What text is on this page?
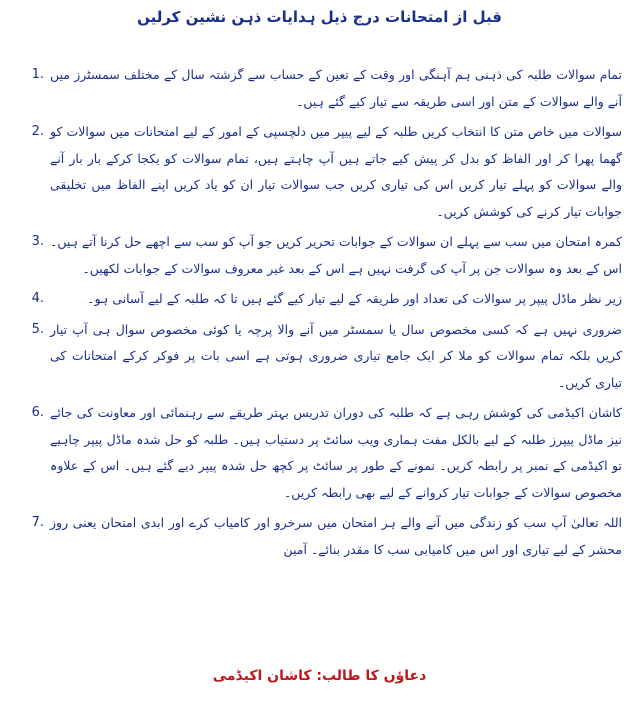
قبل از امتحانات درج ذیل ہدایات ذہن نشین کرلیں
1. تمام سوالات طلبہ کی ذہنی ہم آہنگی اور وقت کے تعین کے حساب سے گزشتہ سال کے مختلف سمسٹرز میں آنے والے سوالات کے متن اور اسی طریقہ سے تیار کیے گئے ہیں۔
2. سوالات میں خاص متن کا انتخاب کریں طلبہ کے لیے پیپر میں دلچسپی کے امور کے لیے امتحانات میں سوالات کو گھما پھرا کر اور الفاظ کو بدل کر پیش کیے جاتے ہیں آپ چاہتے ہیں، تمام سوالات کو یکجا کرکے بار بار آنے والے سوالات کو پہلے تیار کریں اس کی تیاری کریں جب سوالات تیار ان کو یاد کریں اپنے الفاظ میں تخلیقی جوابات تیار کرنے کی کوشش کریں۔
3. کمرہ امتحان میں سب سے پہلے ان سوالات کے جوابات تحریر کریں جو آپ کو سب سے اچھے حل کرنا آتے ہیں۔ اس کے بعد وہ سوالات جن پر آپ کی گرفت نہیں ہے اس کے بعد غیر معروف سوالات کے جوابات لکھیں۔
4.	زیر نظر ماڈل پیپر پر سوالات کی تعداد اور طریقہ کے لیے تیار کیے گئے ہیں تا کہ طلبہ کے لیے آسانی ہو۔
5. ضروری نہیں ہے کہ کسی مخصوص سال یا سمسٹر میں آنے والا پرچہ یا کوئی مخصوص سوال ہی آپ تیار کریں بلکہ تمام سوالات کو ملا کر ایک جامع تیاری ضروری ہوتی ہے اسی بات پر فوکر کرکے امتحانات کی تیاری کریں۔
6. کاشان اکیڈمی کی کوشش رہی ہے کہ طلبہ کی دوران تدریس بہتر طریقے سے رہنمائی اور معاونت کی جائے نیز ماڈل پیپرز طلبہ کے لیے بالکل مفت ہماری ویب سائٹ پر دستیاب ہیں۔ طلبہ کو حل شدہ ماڈل پیپر چاہیے تو اکیڈمی کے نمبر پر رابطہ کریں۔ نمونے کے طور پر سائٹ پر کچھ حل شدہ پیپر دیے گئے ہیں۔ اس کے علاوہ مخصوص سوالات کے جوابات تیار کروانے کے لیے بھی رابطہ کریں۔
7. اللہ تعالیٰ آپ سب کو زندگی میں آنے والے ہر امتحان میں سرخرو اور کامیاب کرے اور ابدی امتحان یعنی روز محشر کے لیے تیاری اور اس میں کامیابی سب کا مقدر بنائے۔ آمین
دعاؤں کا طالب: کاشان اکیڈمی
